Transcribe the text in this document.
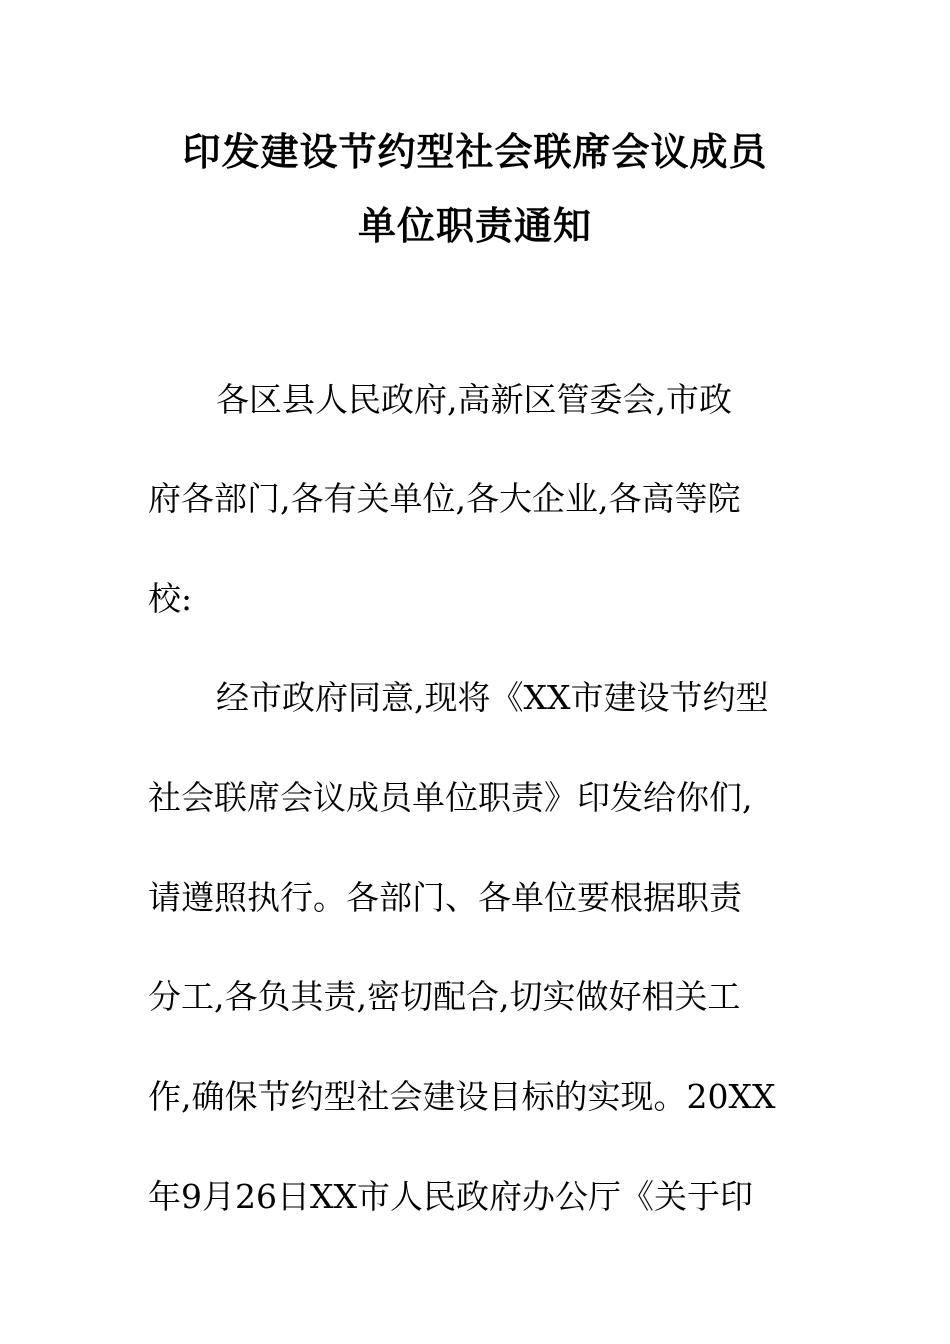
印发建设节约型社会联席会议成员
单位职责通知
各区县人民政府,高新区管委会,市政
府各部门,各有关单位,各大企业,各高等院
校:
经市政府同意,现将《XX市建设节约型
社会联席会议成员单位职责》印发给你们,
请遵照执行。各部门、各单位要根据职责
分工,各负其责,密切配合,切实做好相关工
作,确保节约型社会建设目标的实现。20XX
年9月26日XX市人民政府办公厅《关于印
